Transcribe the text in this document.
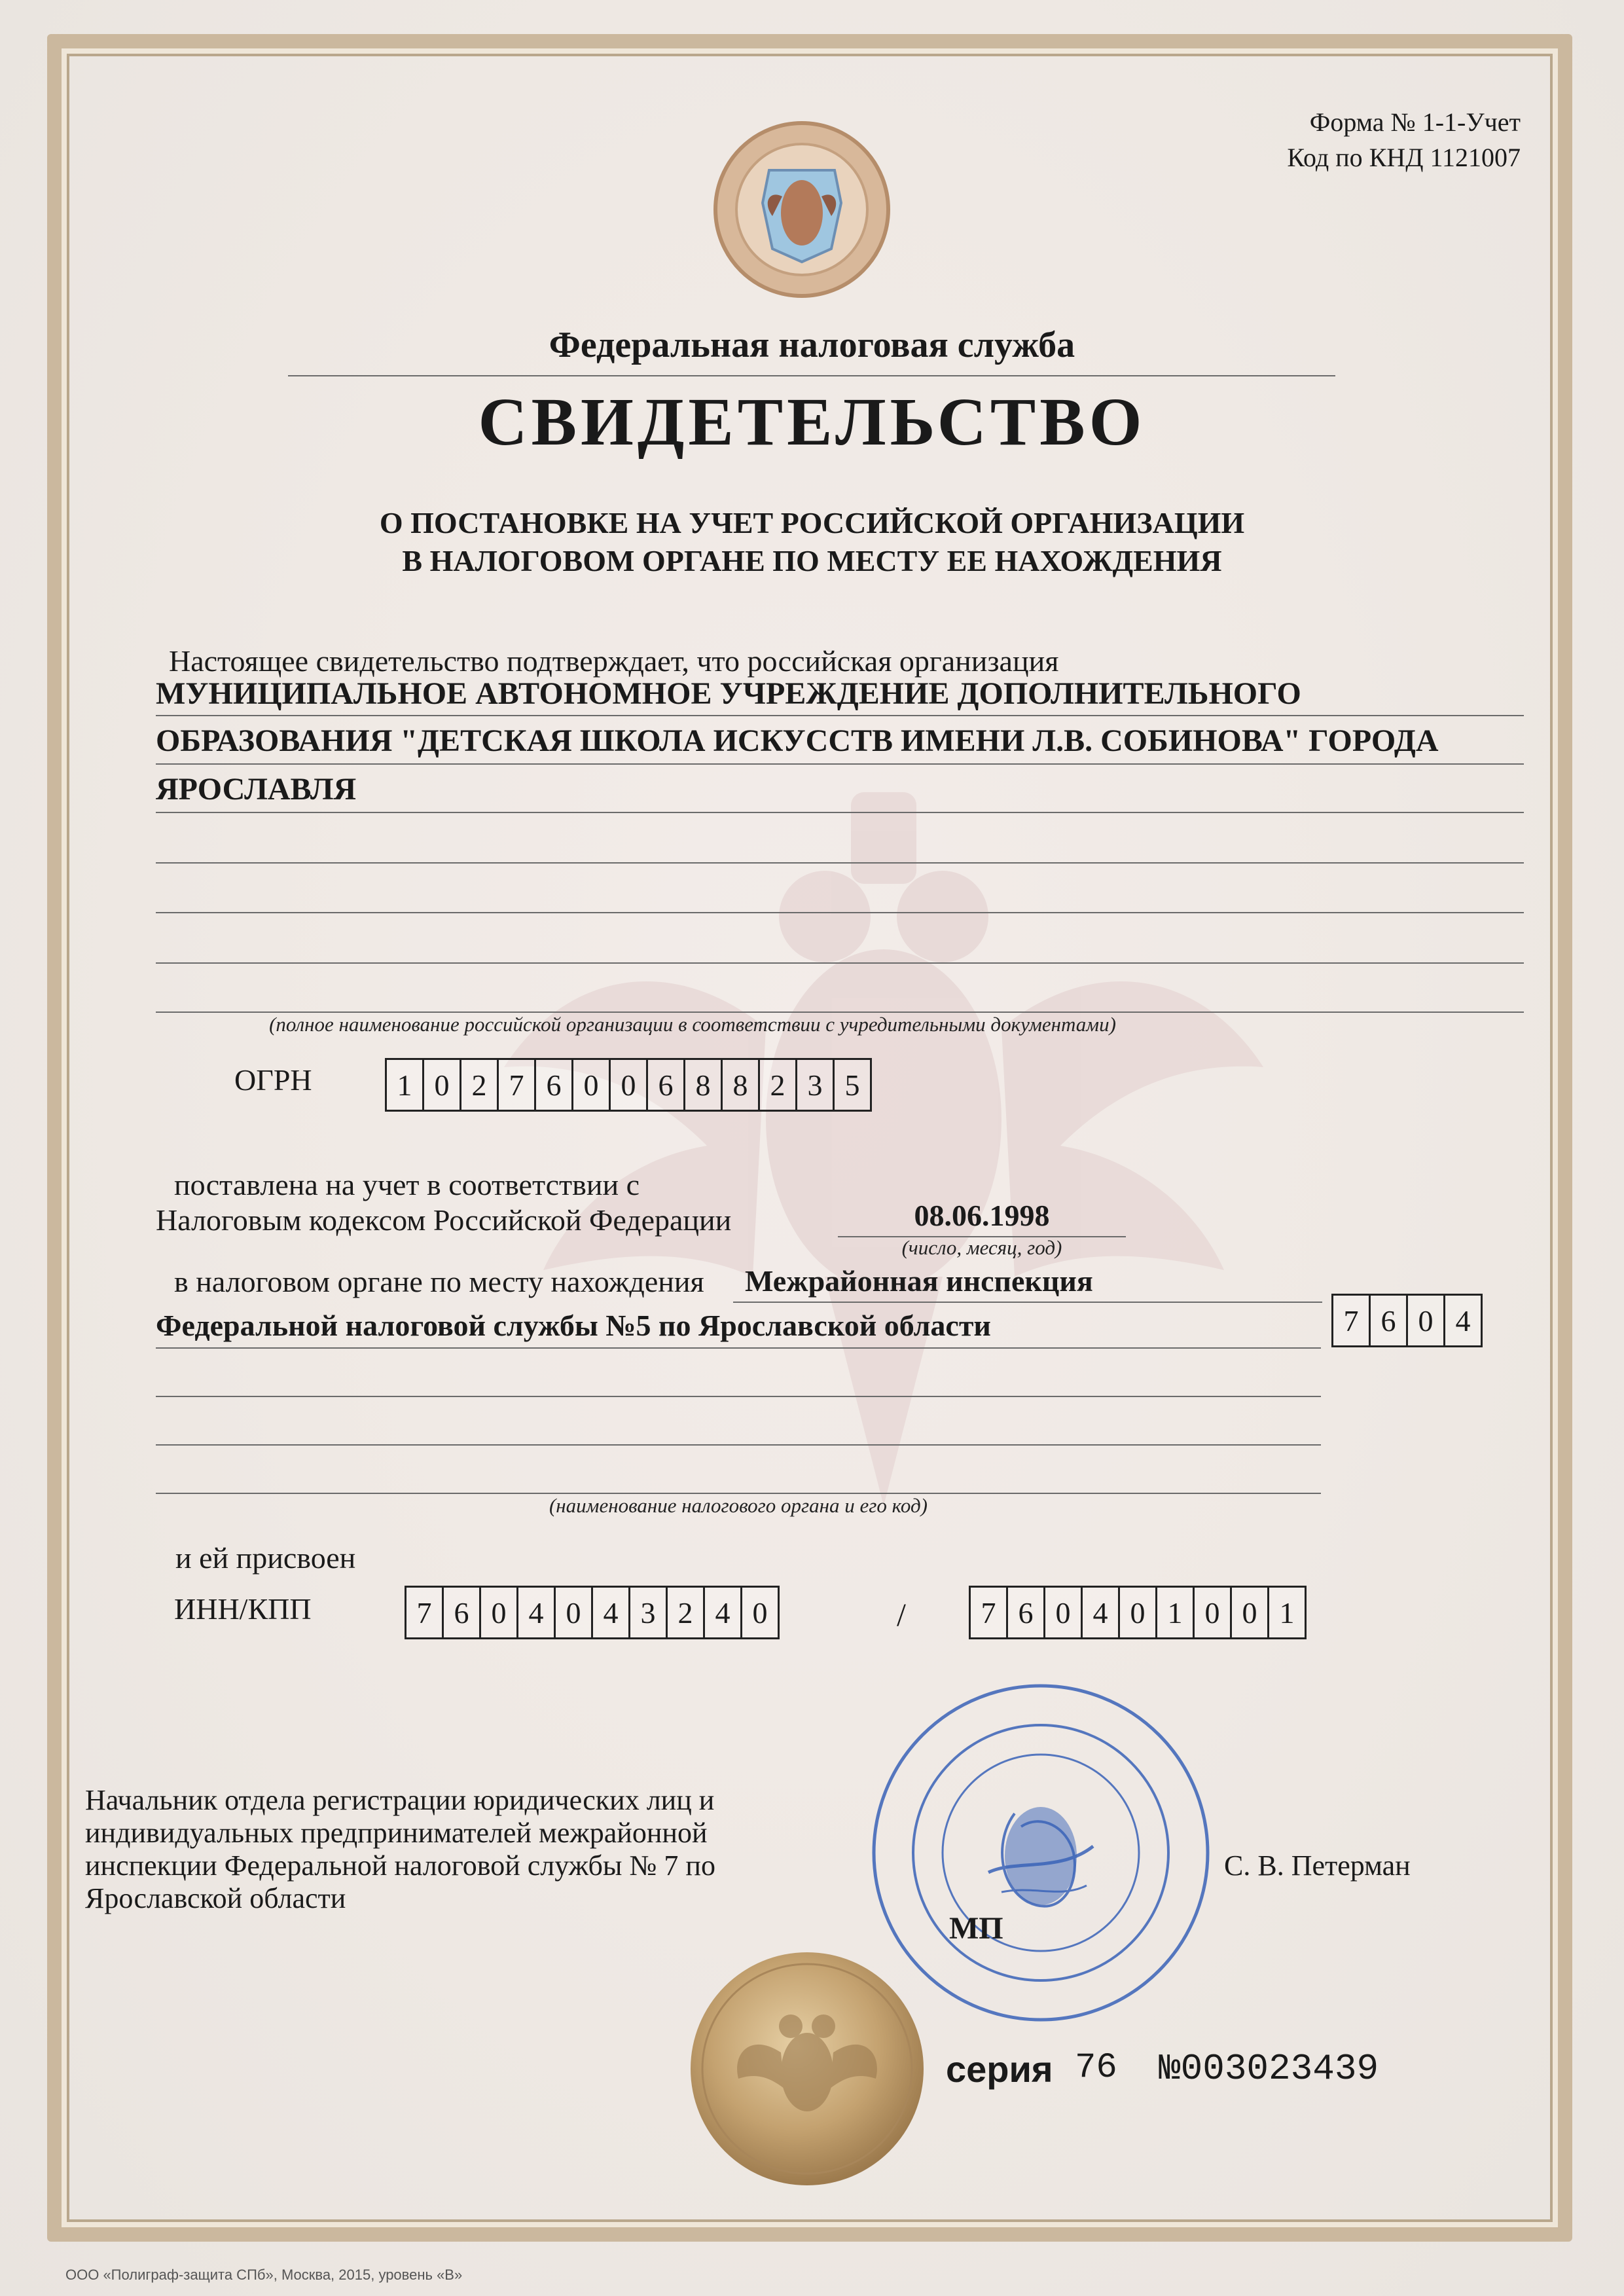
Форма № 1-1-Учет
Код по КНД 1121007
Федеральная налоговая служба
СВИДЕТЕЛЬСТВО
О ПОСТАНОВКЕ НА УЧЕТ РОССИЙСКОЙ ОРГАНИЗАЦИИ
В НАЛОГОВОМ ОРГАНЕ ПО МЕСТУ ЕЕ НАХОЖДЕНИЯ
Настоящее свидетельство подтверждает, что российская организация
МУНИЦИПАЛЬНОЕ АВТОНОМНОЕ УЧРЕЖДЕНИЕ ДОПОЛНИТЕЛЬНОГО
ОБРАЗОВАНИЯ "ДЕТСКАЯ ШКОЛА ИСКУССТВ ИМЕНИ Л.В. СОБИНОВА" ГОРОДА
ЯРОСЛАВЛЯ
(полное наименование российской организации в соответствии с учредительными документами)
ОГРН	1 0 2 7 6 0 0 6 8 8 2 3 5
поставлена на учет в соответствии с
Налоговым кодексом Российской Федерации	08.06.1998
(число, месяц, год)
в налоговом органе по месту нахождения Межрайонная инспекция
Федеральной налоговой службы №5 по Ярославской области	7 6 0 4
(наименование налогового органа и его код)
и ей присвоен
ИНН/КПП	7 6 0 4 0 4 3 2 4 0	/	7 6 0 4 0 1 0 0 1
Начальник отдела регистрации юридических лиц и
индивидуальных предпринимателей межрайонной
инспекции Федеральной налоговой службы № 7 по
Ярославской области
С. В. Петерман
МП
серия 76 №003023439
ООО «Полиграф-защита СПб», Москва, 2015, уровень «В»
